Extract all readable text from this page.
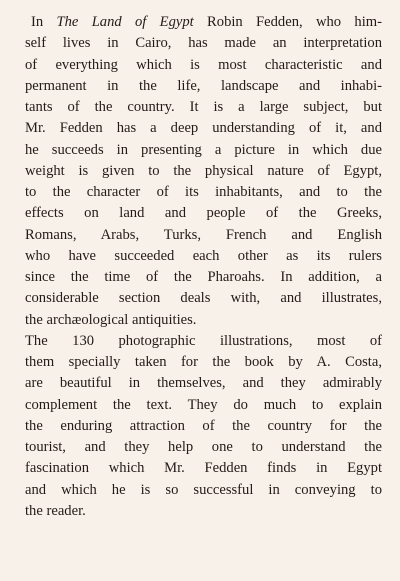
In The Land of Egypt Robin Fedden, who him-
self lives in Cairo, has made an interpretation
of everything which is most characteristic and
permanent in the life, landscape and inhabi-
tants of the country. It is a large subject, but
Mr. Fedden has a deep understanding of it, and
he succeeds in presenting a picture in which due
weight is given to the physical nature of Egypt,
to the character of its inhabitants, and to the
effects on land and people of the Greeks,
Romans, Arabs, Turks, French and English
who have succeeded each other as its rulers
since the time of the Pharoahs. In addition, a
considerable section deals with, and illustrates,
the archæological antiquities.

The 130 photographic illustrations, most of
them specially taken for the book by A. Costa,
are beautiful in themselves, and they admirably
complement the text. They do much to explain
the enduring attraction of the country for the
tourist, and they help one to understand the
fascination which Mr. Fedden finds in Egypt
and which he is so successful in conveying to
the reader.
